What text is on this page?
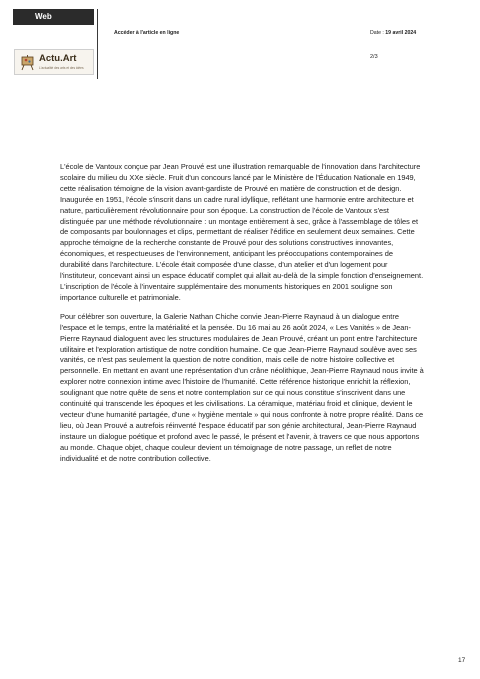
Web
Accéder à l'article en ligne	Date : 19 avril 2024
2/3
Actu.Art
L'actualité des arts et des idées

L'école de Vantoux conçue par Jean Prouvé est une illustration remarquable de l'innovation dans l'architecture scolaire du milieu du XXe siècle. Fruit d'un concours lancé par le Ministère de l'Éducation Nationale en 1949, cette réalisation témoigne de la vision avant-gardiste de Prouvé en matière de construction et de design. Inaugurée en 1951, l'école s'inscrit dans un cadre rural idyllique, reflétant une harmonie entre architecture et nature, particulièrement révolutionnaire pour son époque. La construction de l'école de Vantoux s'est distinguée par une méthode révolutionnaire : un montage entièrement à sec, grâce à l'assemblage de tôles et de composants par boulonnages et clips, permettant de réaliser l'édifice en seulement deux semaines. Cette approche témoigne de la recherche constante de Prouvé pour des solutions constructives innovantes, économiques, et respectueuses de l'environnement, anticipant les préoccupations contemporaines de durabilité dans l'architecture. L'école était composée d'une classe, d'un atelier et d'un logement pour l'instituteur, concevant ainsi un espace éducatif complet qui allait au-delà de la simple fonction d'enseignement. L'inscription de l'école à l'inventaire supplémentaire des monuments historiques en 2001 souligne son importance culturelle et patrimoniale.

Pour célébrer son ouverture, la Galerie Nathan Chiche convie Jean-Pierre Raynaud à un dialogue entre l'espace et le temps, entre la matérialité et la pensée. Du 16 mai au 26 août 2024, « Les Vanités » de Jean-Pierre Raynaud dialoguent avec les structures modulaires de Jean Prouvé, créant un pont entre l'architecture utilitaire et l'exploration artistique de notre condition humaine. Ce que Jean-Pierre Raynaud soulève avec ses vanités, ce n'est pas seulement la question de notre condition, mais celle de notre histoire collective et personnelle. En mettant en avant une représentation d'un crâne néolithique, Jean-Pierre Raynaud nous invite à explorer notre connexion intime avec l'histoire de l'humanité. Cette référence historique enrichit la réflexion, soulignant que notre quête de sens et notre contemplation sur ce qui nous constitue s'inscrivent dans une continuité qui transcende les époques et les civilisations. La céramique, matériau froid et clinique, devient le vecteur d'une humanité partagée, d'une « hygiène mentale » qui nous confronte à notre propre réalité. Dans ce lieu, où Jean Prouvé a autrefois réinventé l'espace éducatif par son génie architectural, Jean-Pierre Raynaud instaure un dialogue poétique et profond avec le passé, le présent et l'avenir, à travers ce que nous apportons au monde. Chaque objet, chaque couleur devient un témoignage de notre passage, un reflet de notre individualité et de notre contribution collective.

17
